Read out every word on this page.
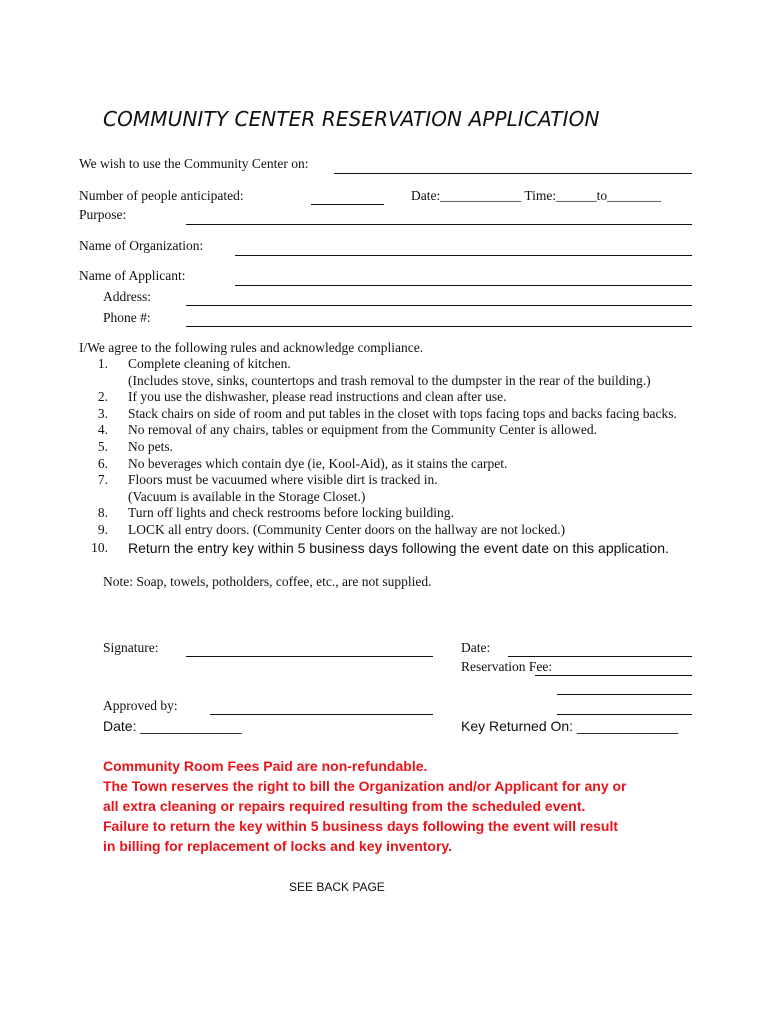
COMMUNITY CENTER RESERVATION APPLICATION
We wish to use the Community Center on:
Number of people anticipated:	Date:____________ Time:______to________
Purpose:
Name of Organization:
Name of Applicant:
Address:
Phone #:
I/We agree to the following rules and acknowledge compliance.
1.	Complete cleaning of kitchen.
(Includes stove, sinks, countertops and trash removal to the dumpster in the rear of the building.)
2.	If you use the dishwasher, please read instructions and clean after use.
3.	Stack chairs on side of room and put tables in the closet with tops facing tops and backs facing backs.
4.	No removal of any chairs, tables or equipment from the Community Center is allowed.
5.	No pets.
6.	No beverages which contain dye (ie, Kool-Aid), as it stains the carpet.
7.	Floors must be vacuumed where visible dirt is tracked in.
(Vacuum is available in the Storage Closet.)
8.	Turn off lights and check restrooms before locking building.
9.	LOCK all entry doors. (Community Center doors on the hallway are not locked.)
10.	Return the entry key within 5 business days following the event date on this application.
Note: Soap, towels, potholders, coffee, etc., are not supplied.
Signature:	Date:
Reservation Fee:
Approved by:
Date: _____________	Key Returned On: _____________
Community Room Fees Paid are non-refundable.
The Town reserves the right to bill the Organization and/or Applicant for any or
all extra cleaning or repairs required resulting from the scheduled event.
Failure to return the key within 5 business days following the event will result
in billing for replacement of locks and key inventory.
SEE BACK PAGE
